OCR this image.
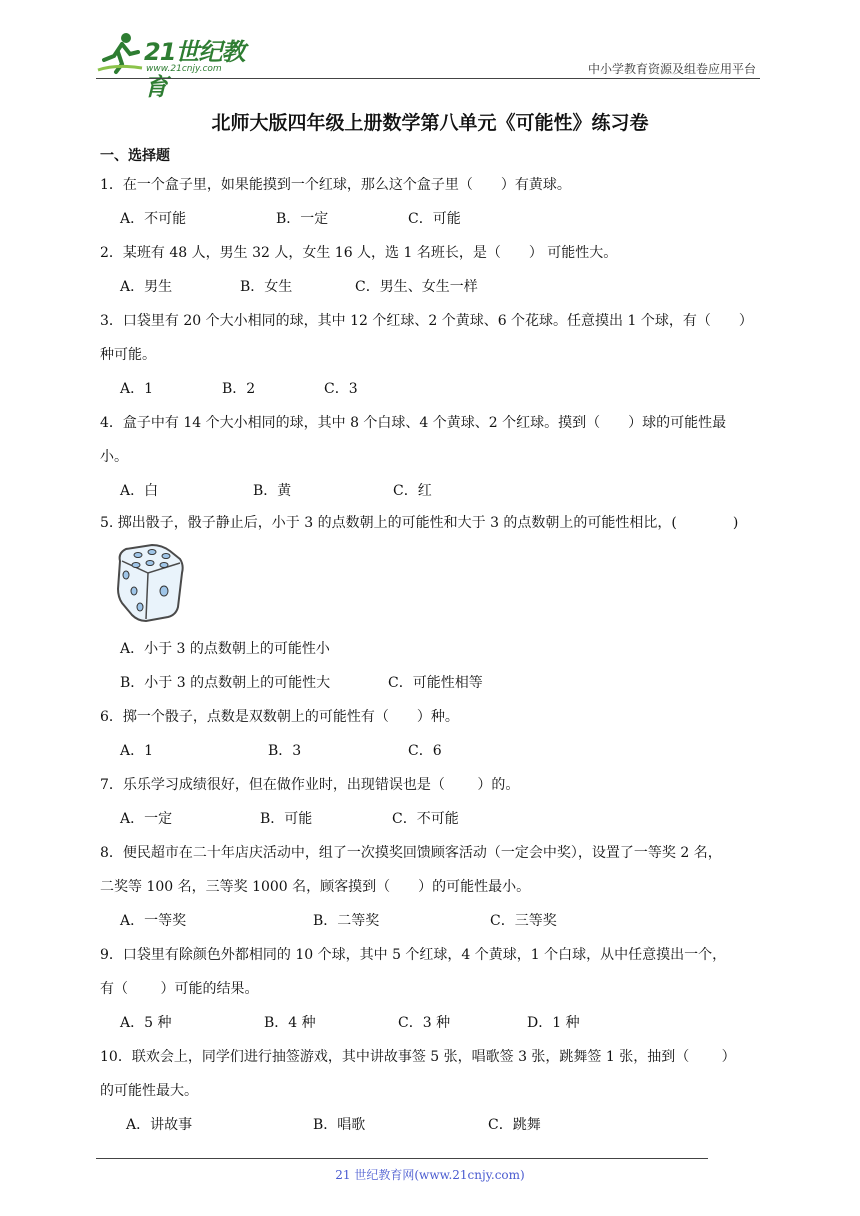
21世纪教育
www.21cnjy.com	中小学教育资源及组卷应用平台
北师大版四年级上册数学第八单元《可能性》练习卷
一、选择题
1．在一个盒子里，如果能摸到一个红球，那么这个盒子里（　　）有黄球。
A．不可能	B．一定	C．可能
2．某班有 48 人，男生 32 人，女生 16 人，选 1 名班长，是（　　） 可能性大。
A．男生	B．女生	C．男生、女生一样
3．口袋里有 20 个大小相同的球，其中 12 个红球、2 个黄球、6 个花球。任意摸出 1 个球，有（　　）
种可能。
A．1	B．2	C．3
4．盒子中有 14 个大小相同的球，其中 8 个白球、4 个黄球、2 个红球。摸到（　　）球的可能性最
小。
A．白	B．黄	C．红
5. 掷出骰子，骰子静止后，小于 3 的点数朝上的可能性和大于 3 的点数朝上的可能性相比，(　　　　)
A．小于 3 的点数朝上的可能性小
B．小于 3 的点数朝上的可能性大	C．可能性相等
6．掷一个骰子，点数是双数朝上的可能性有（　　）种。
A．1	B．3	C．6
7．乐乐学习成绩很好，但在做作业时，出现错误也是（　　 ）的。
A．一定	B．可能	C．不可能
8．便民超市在二十年店庆活动中，组了一次摸奖回馈顾客活动（一定会中奖），设置了一等奖 2 名，
二奖等 100 名，三等奖 1000 名，顾客摸到（　　）的可能性最小。
A．一等奖	B．二等奖	C．三等奖
9．口袋里有除颜色外都相同的 10 个球，其中 5 个红球，4 个黄球，1 个白球，从中任意摸出一个，
有（　　 ）可能的结果。
A．5 种	B．4 种	C．3 种	D．1 种
10．联欢会上，同学们进行抽签游戏，其中讲故事签 5 张，唱歌签 3 张，跳舞签 1 张，抽到（　　 ）
的可能性最大。
A．讲故事	B．唱歌	C．跳舞
21 世纪教育网(www.21cnjy.com)
